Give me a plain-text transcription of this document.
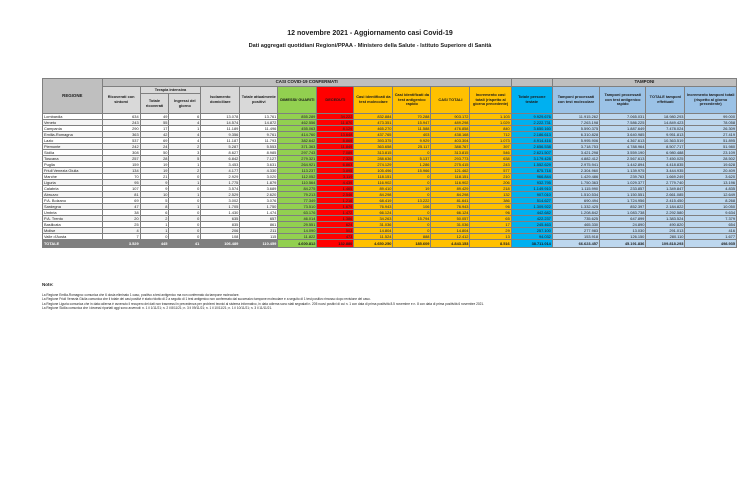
12 novembre 2021 - Aggiornamento casi Covid-19
Dati aggregati quotidiani Regioni/PPAA - Ministero della Salute - Istituto Superiore di Sanità
REGIONE	CASI COVID-19 CONFERMATI												TAMPONI			
	Ricoverati con sintomi	Terapia intensiva		Isolamento domiciliare	Totale attualmente positivi	DIMESSI/ GUARITI	DECEDUTI	Casi identificati da test molecolare	Casi identificati da test antigenico rapido	CASI TOTALI	Incremento casi totali (rispetto al giorno precedente)	Totale persone testate	Tamponi processati con test molecolare	Tamponi processati con test antigenico rapido	TOTALE tamponi effettuati	Incremento tamponi totali (rispetto al giorno precedente)
		Totale ricoverati	Ingressi del giorno													
Lombardia	634	49	6	13.078	13.761	855.289	34.222	832.884	70.288	903.172	1.103	9.929.676	11.915.262	7.065.031	18.980.293	99.000
Veneto	243	55	4	14.574	14.872	462.556	11.870	473.351	15.947	489.298	1.029	2.222.731	7.263.198	7.586.225	14.849.423	78.058
Campania	290	17	1	11.189	11.496	455.063	8.129	465.270	11.588	476.858	840	3.650.160	5.590.375	1.887.649	7.478.024	26.309
Emilia-Romagna	363	42	4	9.356	9.761	414.760	13.648	437.765	403	438.168	712	2.186.613	6.310.828	3.640.985	9.951.813	27.419
Lazio	537	69	4	11.187	11.793	382.642	8.869	393.375	9.929	403.304	1.073	4.914.416	5.995.906	4.367.613	10.363.519	51.895
Piemonte	242	24	2	5.287	5.553	371.363	11.849	363.658	25.117	388.767	397	2.656.538	3.718.753	4.788.964	8.507.717	51.980
Sicilia	308	50	3	8.627	8.985	297.743	7.089	313.815	0	313.815	546	2.621.507	3.421.298	3.559.190	6.980.488	23.109
Toscana	257	28	5	6.842	7.127	279.321	7.325	288.636	5.137	293.773	638	3.179.428	4.882.412	2.567.613	7.450.025	28.502
Puglia	159	19	1	3.453	3.631	264.921	6.863	274.129	1.286	275.415	243	1.552.629	2.975.941	1.442.894	4.418.835	19.628
Friuli Venezia Giulia	134	19	2	4.177	4.330	113.237	3.895	105.496	15.966	121.462	577	875.718	2.304.960	1.139.975	3.444.935	20.409
Marche	70	21	0	2.929	3.020	112.052	3.119	118.151	0	118.151	210	966.844	1.429.486	239.763	1.669.249	3.620
Liguria	95	9	1	1.775	1.879	110.564	4.439	116.902	0	116.902	206	932.795	1.750.363	1.029.377	2.779.740	13.196
Calabria	107	9	0	3.574	3.689	84.275	1.465	89.410	19	89.429	218	1.149.910	1.115.990	233.857	1.349.847	4.835
Abruzzo	81	10	1	2.529	2.620	79.213	2.546	84.298	0	84.298	132	907.010	1.510.534	1.150.551	2.661.085	12.649
P.A. Bolzano	69	5	0	3.002	3.076	77.349	1.216	68.419	13.222	81.641	386	514.627	690.494	1.724.956	2.415.450	8.268
Sardegna	47	8	1	1.705	1.750	73.510	1.679	76.943	106	76.943	96	1.309.922	1.332.425	852.397	2.184.822	10.050
Umbria	38	6	0	1.430	1.474	63.176	1.472	66.124	0	66.124	96	442.682	1.208.842	1.083.738	2.292.580	9.634
P.A. Trento	20	2	0	635	657	46.014	1.386	34.263	15.794	50.057	65	422.237	735.625	647.899	1.383.524	7.379
Basilicata	25	1	0	835	861	29.551	624	31.036	0	31.036	17	245.463	465.330	24.890	490.820	654
Molise	4	1	0	206	211	14.090	503	14.804	0	14.804	29	257.100	277.983	13.030	291.013	416
Valle d'Aosta	7	0	0	108	115	11.822	473	11.524	888	12.412	13	94.032	153.918	126.150	280.110	1.677
TOTALE	3.529	445	41	106.489	110.459	4.600.812	132.880	4.650.250	185.609	4.843.153	8.516	38.711.014	66.623.457	45.191.836	109.818.293	498.935
Note:

La Regione Emilia-Romagna: comunica che 6 dosia eliminato 1 caso, positivo a test antigenico ma non confermato da tampone molecolare.

La Regione Friuli Venezia Giulia comunica che il totale dei casi positivi è stato ridotto di 2 a seguito di 1 test antigenico non confermato dal successivo tampone molecolare e a seguito di 1 test positivo rimosso dopo revisione del caso.

La Regione Liguria comunica che in data odierna è avvenuto il recupero dei dati non trasmessi in precedenza per problemi tecnici al sistema informativo, in data odierna sono stati segnalati n. 205 nuovi positivi di cui n. 1 con data di prima positività 8.5 novembre e n. 8 con data di prima positività 6 novembre 2021.

La Regione Sicilia comunica che i decessi riportati oggi sono avvenuti: n. 1 il 1/11/21; n. 2 il 8/11/21; n. 3 il 09/11/21; n. 1 il 10/11/21; n. 1 il 10/11/21; n. 3 il 11/11/21.
